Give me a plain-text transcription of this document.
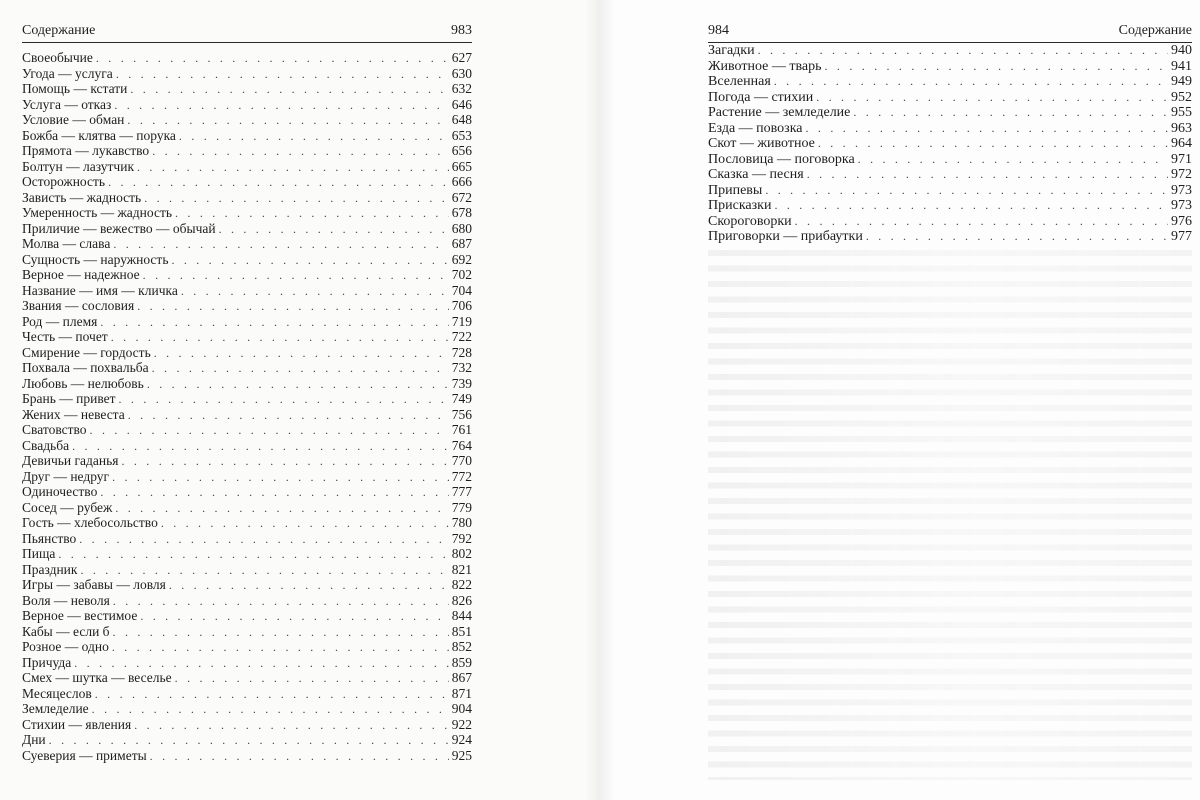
Содержание	983
Своеобычие . . .	627
Угода — услуга . . .	630
Помощь — кстати . . .	632
Услуга — отказ . . .	646
Условие — обман . . .	648
Божба — клятва — порука . . .	653
Прямота — лукавство . . .	656
Болтун — лазутчик . . .	665
Осторожность . . .	666
Зависть — жадность . . .	672
Умеренность — жадность . . .	678
Приличие — вежество — обычай . . .	680
Молва — слава . . .	687
Сущность — наружность . . .	692
Верное — надежное . . .	702
Название — имя — кличка . . .	704
Звания — сословия . . .	706
Род — племя . . .	719
Честь — почет . . .	722
Смирение — гордость . . .	728
Похвала — похвальба . . .	732
Любовь — нелюбовь . . .	739
Брань — привет . . .	749
Жених — невеста . . .	756
Сватовство . . .	761
Свадьба . . .	764
Девичьи гаданья . . .	770
Друг — недруг . . .	772
Одиночество . . .	777
Сосед — рубеж . . .	779
Гость — хлебосольство . . .	780
Пьянство . . .	792
Пища . . .	802
Праздник . . .	821
Игры — забавы — ловля . . .	822
Воля — неволя . . .	826
Верное — вестимое . . .	844
Кабы — если б . . .	851
Розное — одно . . .	852
Причуда . . .	859
Смех — шутка — веселье . . .	867
Месяцеслов . . .	871
Земледелие . . .	904
Стихии — явления . . .	922
Дни . . .	924
Суеверия — приметы . . .	925
984	Содержание
Загадки . . .	940
Животное — тварь . . .	941
Вселенная . . .	949
Погода — стихии . . .	952
Растение — земледелие . . .	955
Езда — повозка . . .	963
Скот — животное . . .	964
Пословица — поговорка . . .	971
Сказка — песня . . .	972
Припевы . . .	973
Присказки . . .	973
Скороговорки . . .	976
Приговорки — прибаутки . . .	977
